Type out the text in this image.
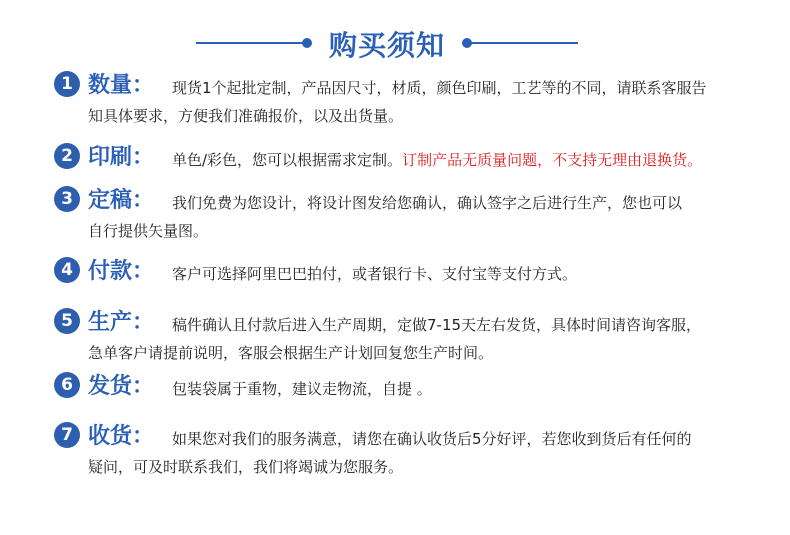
购买须知
1 数量： 现货1个起批定制，产品因尺寸，材质，颜色印刷，工艺等的不同，请联系客服告
知具体要求，方便我们准确报价，以及出货量。
2 印刷： 单色/彩色，您可以根据需求定制。订制产品无质量问题，不支持无理由退换货。
3 定稿： 我们免费为您设计，将设计图发给您确认，确认签字之后进行生产，您也可以
自行提供矢量图。
4 付款： 客户可选择阿里巴巴拍付，或者银行卡、支付宝等支付方式。
5 生产： 稿件确认且付款后进入生产周期，定做7-15天左右发货，具体时间请咨询客服，
急单客户请提前说明，客服会根据生产计划回复您生产时间。
6 发货： 包装袋属于重物，建议走物流，自提 。
7 收货： 如果您对我们的服务满意，请您在确认收货后5分好评，若您收到货后有任何的
疑问，可及时联系我们，我们将竭诚为您服务。
